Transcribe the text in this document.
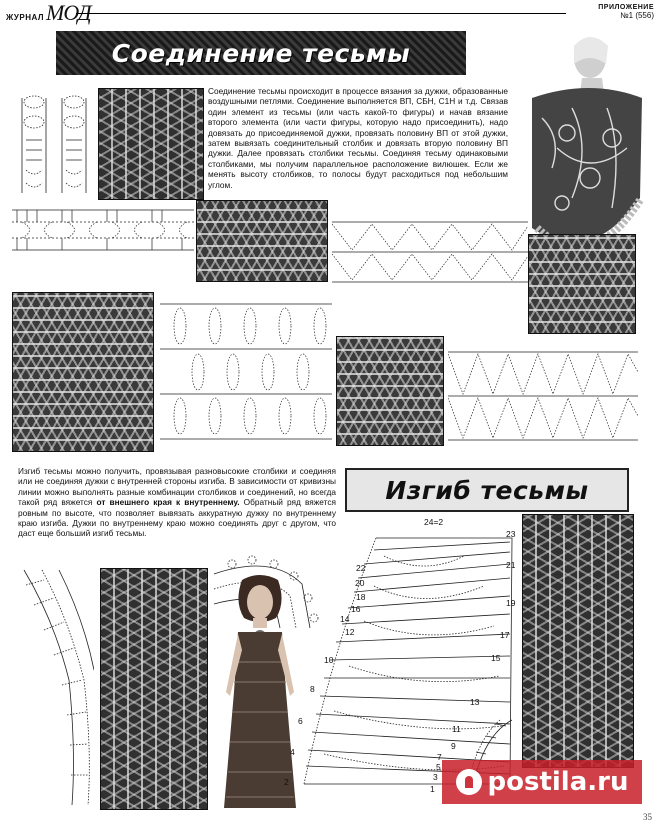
ЖУРНАЛ МОД	ПРИЛОЖЕНИЕ
№1 (556)
Соединение тесьмы

Соединение тесьмы происходит в процессе вязания за дужки, образованные воздушными петлями. Соединение выполняется ВП, СБН, С1Н и т.д. Связав один элемент из тесьмы (или часть какой-то фигуры) и начав вязание второго элемента (или части фигуры, которую надо присоединить), надо довязать до присоединяемой дужки, провязать половину ВП от этой дужки, затем вывязать соединительный столбик и довязать вторую половину ВП дужки. Далее провязать столбики тесьмы. Соединяя тесьму одинаковыми столбиками, мы получим параллельное расположение вилюшек. Если же менять высоту столбиков, то полосы будут расходиться под небольшим углом.

Изгиб тесьмы можно получить, провязывая разновысокие столбики и соединяя или не соединяя дужки с внутренней стороны изгиба. В зависимости от кривизны линии можно выполнять разные комбинации столбиков и соединений, но всегда такой ряд вяжется от внешнего края к внутреннему. Обратный ряд вяжется ровным по высоте, что позволяет вывязать аккуратную дужку по внутреннему краю изгиба. Дужки по внутреннему краю можно соединять друг с другом, что даст еще больший изгиб тесьмы.

Изгиб тесьмы
24=2
23
22	21
20
19
18
17
16
15
14
13
12
11
10
9
8
7
6
5
4
3
2
1 postila.ru
35
